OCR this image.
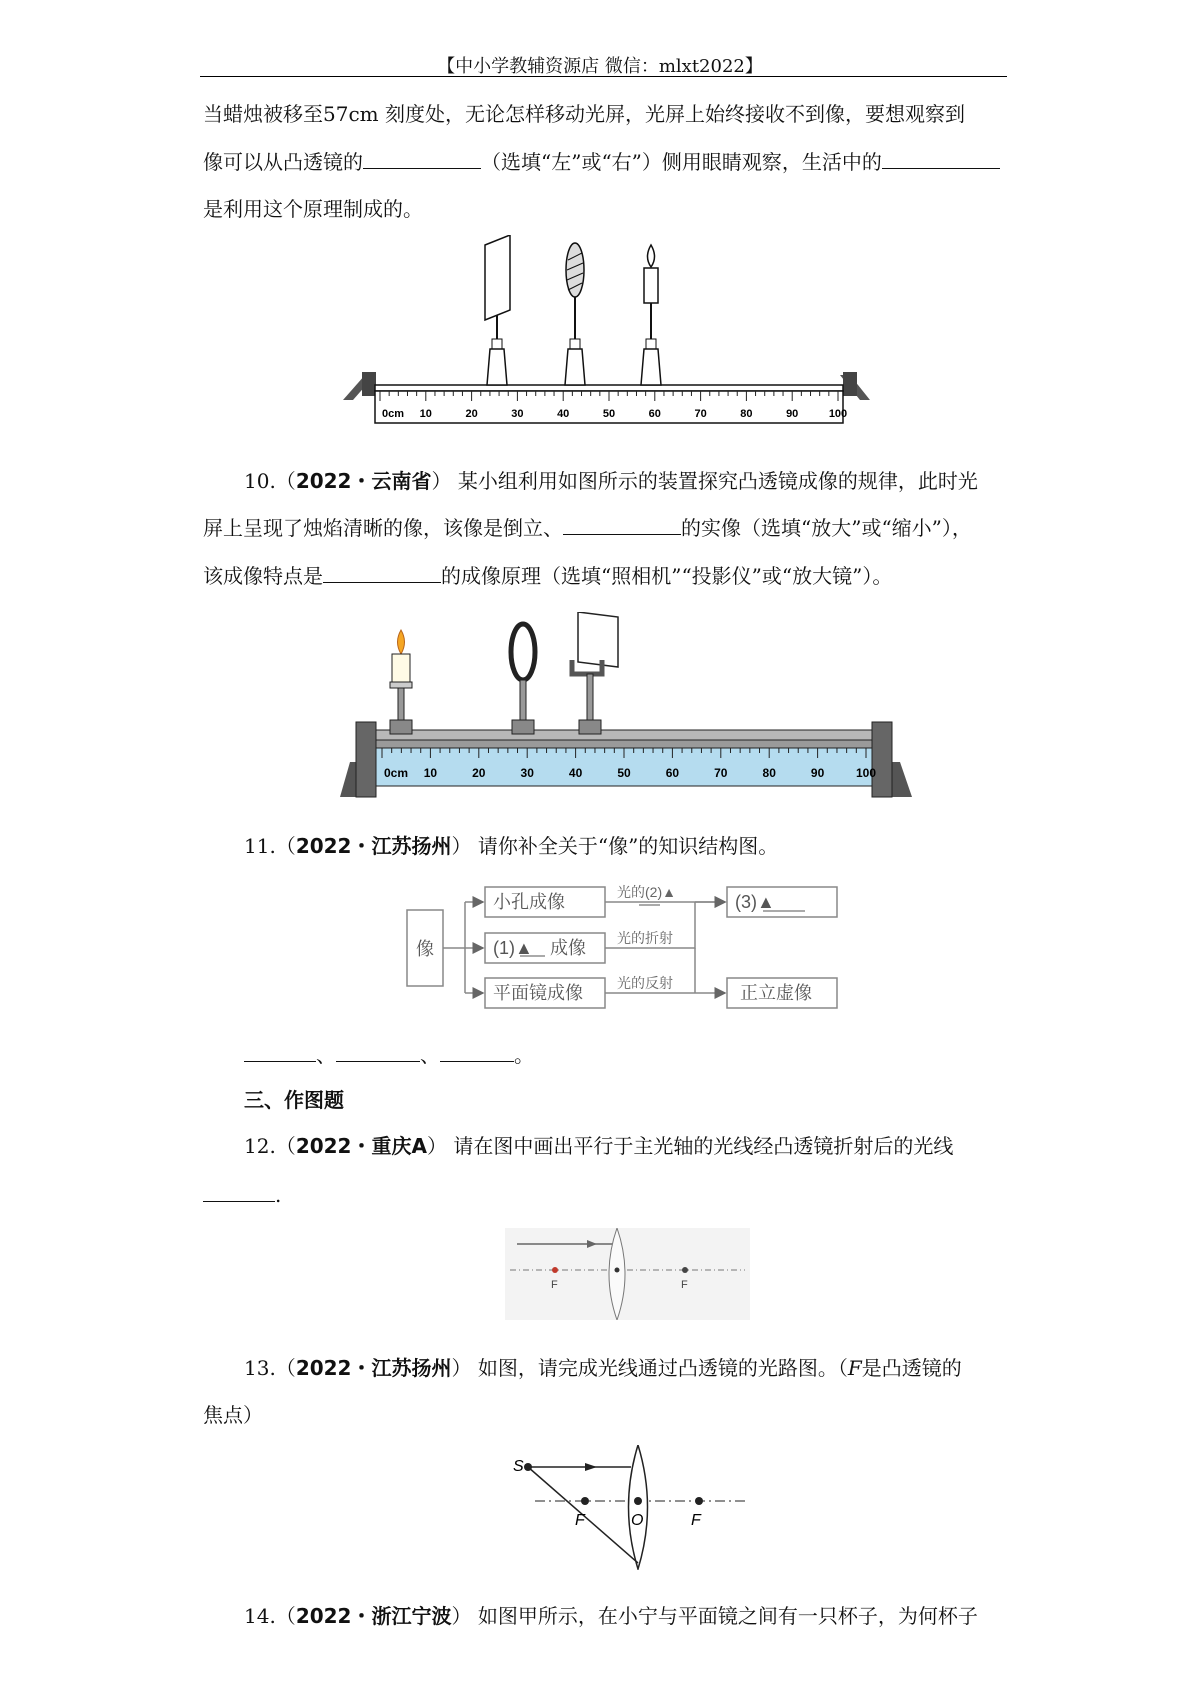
【中小学教辅资源店 微信：mlxt2022】
当蜡烛被移至57cm 刻度处，无论怎样移动光屏，光屏上始终接收不到像，要想观察到
像可以从凸透镜的	（选填“左”或“右”）侧用眼睛观察，生活中的
是利用这个原理制成的。
0cm 10	20	30	40	50	60	70	80	90	100
10.（2022・云南省） 某小组利用如图所示的装置探究凸透镜成像的规律，此时光
屏上呈现了烛焰清晰的像，该像是倒立、	的实像（选填“放大”或“缩小”），
该成像特点是	的成像原理（选填“照相机”“投影仪”或“放大镜”）。
0cm 10	20	30	40	50	60	70	80	90	100
11.（2022・江苏扬州） 请你补全关于“像”的知识结构图。
像
小孔成像
(1)▲ 成像
平面镜成像
(3)▲
正立虚像
光的(2)▲
光的折射
光的反射
、	、	。
三、作图题
12.（2022・重庆A） 请在图中画出平行于主光轴的光线经凸透镜折射后的光线
.
F	F
13.（2022・江苏扬州） 如图，请完成光线通过凸透镜的光路图。（F是凸透镜的
焦点）
S
F	O	F
14.（2022・浙江宁波） 如图甲所示，在小宁与平面镜之间有一只杯子，为何杯子
